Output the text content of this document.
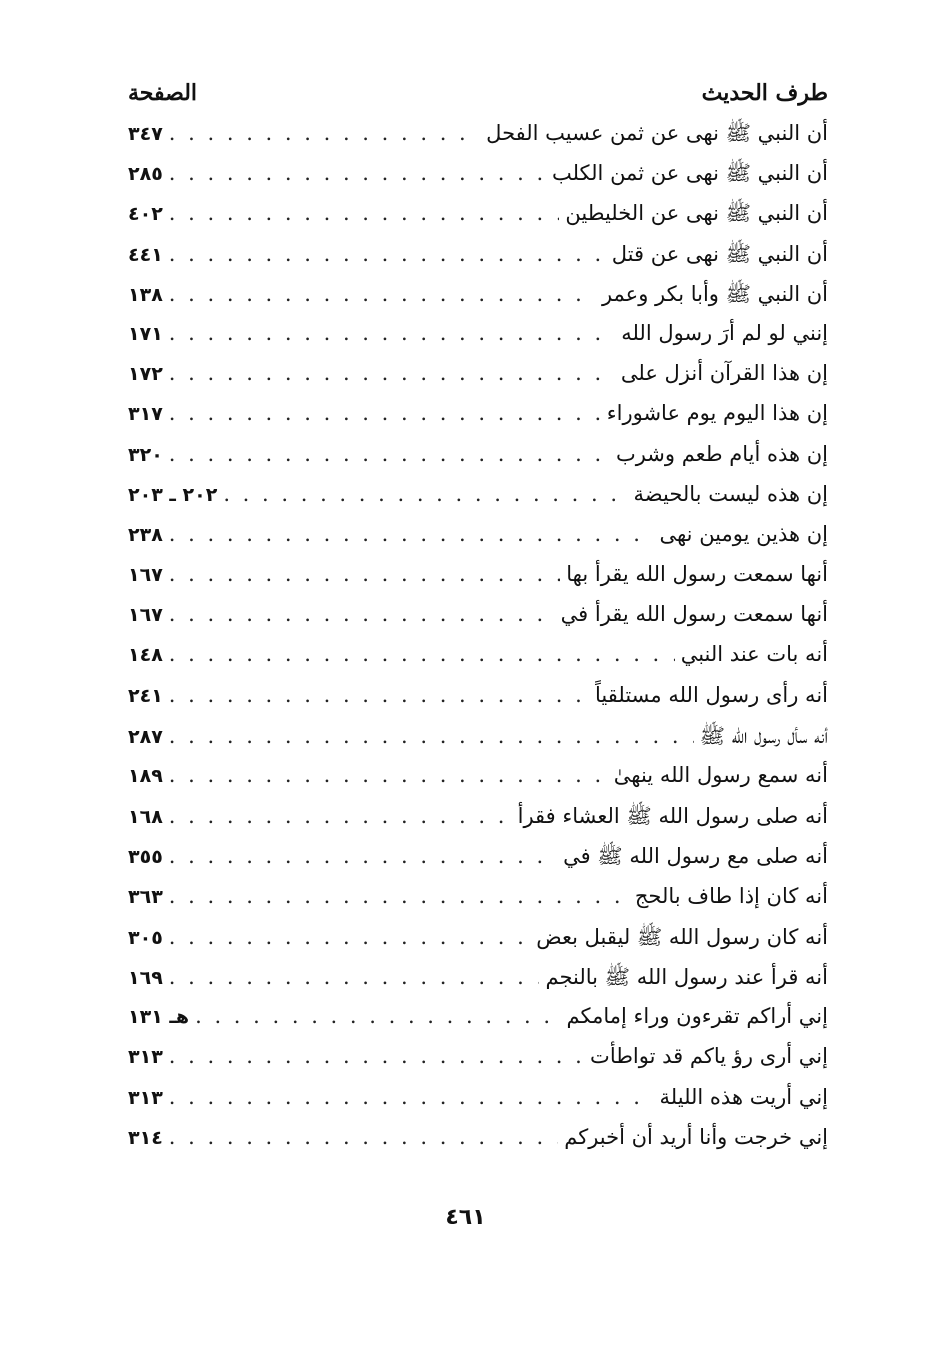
طرف الحديث
الصفحة
أن النبي ﷺ نهى عن ثمن عسيب الفحل
. . .
٣٤٧
أن النبي ﷺ نهى عن ثمن الكلب
. . .
٢٨٥
أن النبي ﷺ نهى عن الخليطين
. . .
٤٠٢
أن النبي ﷺ نهى عن قتل
. . .
٤٤١
أن النبي ﷺ وأبا بكر وعمر
. . .
١٣٨
إنني لو لم أرَ رسول الله
. . .
١٧١
إن هذا القرآن أنزل على
. . .
١٧٢
إن هذا اليوم يوم عاشوراء
. . .
٣١٧
إن هذه أيام طعم وشرب
. . .
٣٢٠
إن هذه ليست بالحيضة
. . .
٢٠٢ ـ ٢٠٣
إن هذين يومين نهى
. . .
٢٣٨
أنها سمعت رسول الله يقرأ بها
. . .
١٦٧
أنها سمعت رسول الله يقرأ في
. . .
١٦٧
أنه بات عند النبي
. . .
١٤٨
أنه رأى رسول الله مستلقياً
. . .
٢٤١
أنه سأل رسول الله ﷺ
. . .
٢٨٧
أنه سمع رسول الله ينهىٰ
. . .
١٨٩
أنه صلى رسول الله ﷺ العشاء فقرأ
. . .
١٦٨
أنه صلى مع رسول الله ﷺ في
. . .
٣٥٥
أنه كان إذا طاف بالحج
. . .
٣٦٣
أنه كان رسول الله ﷺ ليقبل بعض
. . .
٣٠٥
أنه قرأ عند رسول الله ﷺ بالنجم
. . .
١٦٩
إني أراكم تقرءون وراء إمامكم
. . .
هـ ١٣١
إني أرى رؤ ياكم قد تواطأت
. . .
٣١٣
إني أريت هذه الليلة
. . .
٣١٣
إني خرجت وأنا أريد أن أخبركم
. . .
٣١٤
٤٦١
